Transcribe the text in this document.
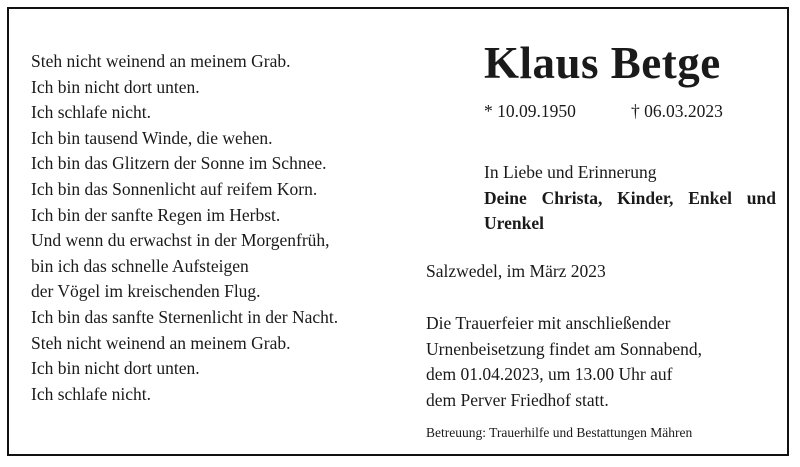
Steh nicht weinend an meinem Grab.
Ich bin nicht dort unten.
Ich schlafe nicht.
Ich bin tausend Winde, die wehen.
Ich bin das Glitzern der Sonne im Schnee.
Ich bin das Sonnenlicht auf reifem Korn.
Ich bin der sanfte Regen im Herbst.
Und wenn du erwachst in der Morgenfrüh,
bin ich das schnelle Aufsteigen
der Vögel im kreischenden Flug.
Ich bin das sanfte Sternenlicht in der Nacht.
Steh nicht weinend an meinem Grab.
Ich bin nicht dort unten.
Ich schlafe nicht.
Klaus Betge
* 10.09.1950	† 06.03.2023
In Liebe und Erinnerung
Deine Christa, Kinder, Enkel und Urenkel
Salzwedel, im März 2023
Die Trauerfeier mit anschließender
Urnenbeisetzung findet am Sonnabend,
dem 01.04.2023, um 13.00 Uhr auf
dem Perver Friedhof statt.
Betreuung: Trauerhilfe und Bestattungen Mähren
